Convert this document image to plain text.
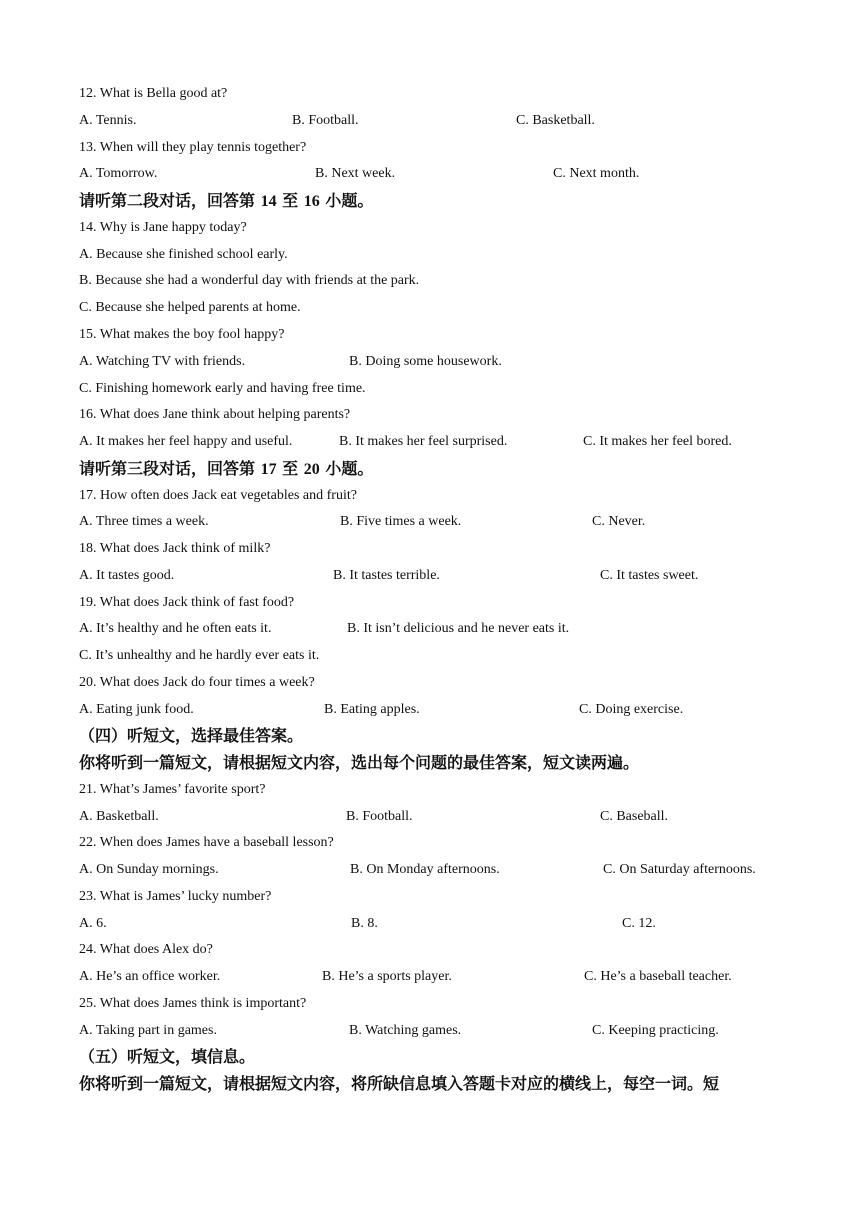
12. What is Bella good at?
A. Tennis.	B. Football.	C. Basketball.
13. When will they play tennis together?
A. Tomorrow.	B. Next week.	C. Next month.
请听第二段对话，回答第 14 至 16 小题。
14. Why is Jane happy today?
A. Because she finished school early.
B. Because she had a wonderful day with friends at the park.
C. Because she helped parents at home.
15. What makes the boy fool happy?
A. Watching TV with friends.	B. Doing some housework.
C. Finishing homework early and having free time.
16. What does Jane think about helping parents?
A. It makes her feel happy and useful.	B. It makes her feel surprised.	C. It makes her feel bored.
请听第三段对话，回答第 17 至 20 小题。
17. How often does Jack eat vegetables and fruit?
A. Three times a week.	B. Five times a week.	C. Never.
18. What does Jack think of milk?
A. It tastes good.	B. It tastes terrible.	C. It tastes sweet.
19. What does Jack think of fast food?
A. It’s healthy and he often eats it.	B. It isn’t delicious and he never eats it.
C. It’s unhealthy and he hardly ever eats it.
20. What does Jack do four times a week?
A. Eating junk food.	B. Eating apples.	C. Doing exercise.
（四）听短文，选择最佳答案。
你将听到一篇短文，请根据短文内容，选出每个问题的最佳答案，短文读两遍。
21. What’s James’ favorite sport?
A. Basketball.	B. Football.	C. Baseball.
22. When does James have a baseball lesson?
A. On Sunday mornings.	B. On Monday afternoons.	C. On Saturday afternoons.
23. What is James’ lucky number?
A. 6.	B. 8.	C. 12.
24. What does Alex do?
A. He’s an office worker.	B. He’s a sports player.	C. He’s a baseball teacher.
25. What does James think is important?
A. Taking part in games.	B. Watching games.	C. Keeping practicing.
（五）听短文，填信息。
你将听到一篇短文，请根据短文内容，将所缺信息填入答题卡对应的横线上，每空一词。短
